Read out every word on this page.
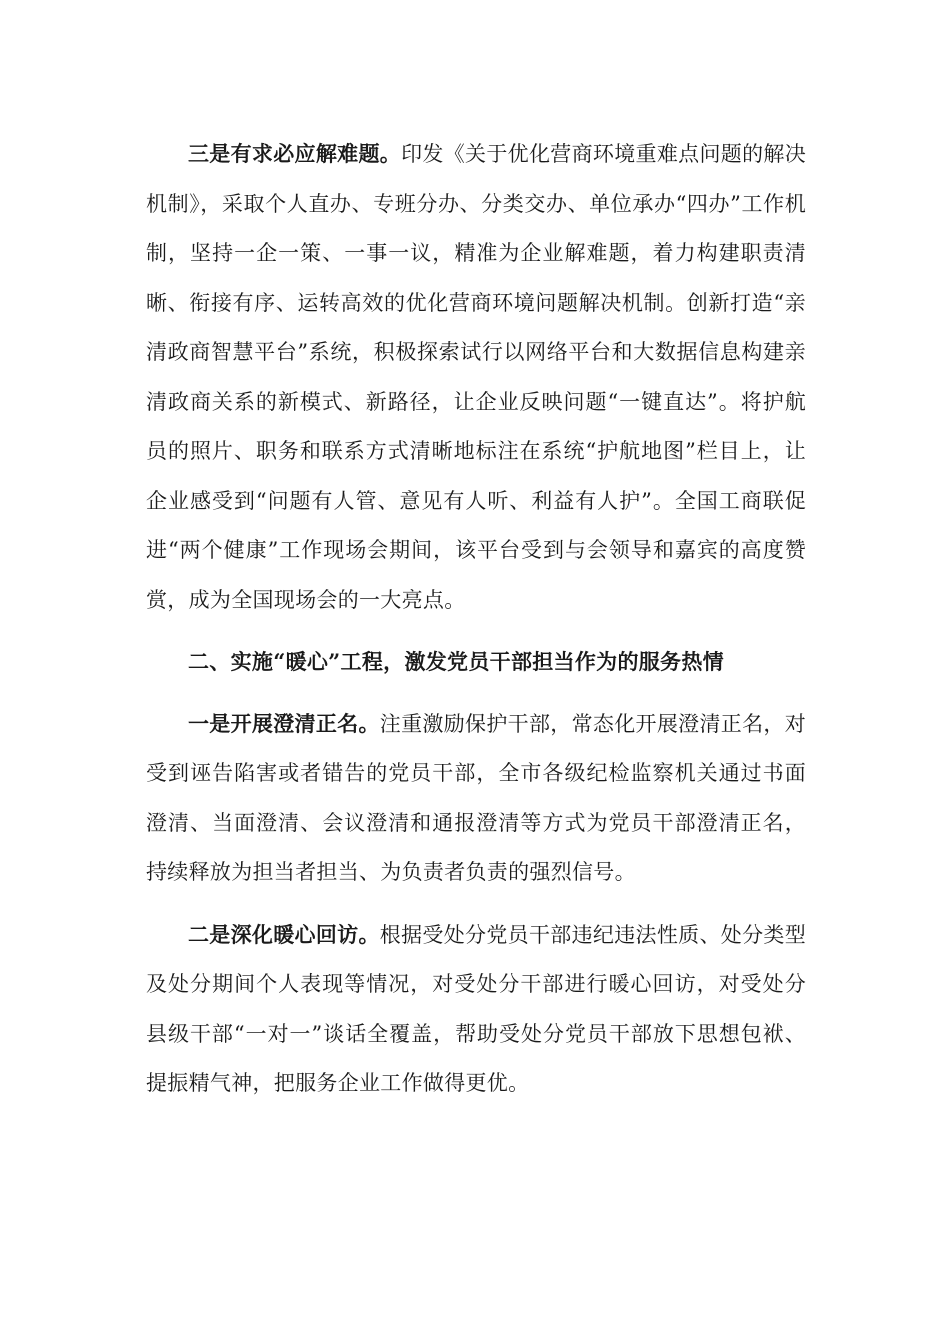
三是有求必应解难题。印发《关于优化营商环境重难点问题的解决机制》，采取个人直办、专班分办、分类交办、单位承办“四办”工作机制，坚持一企一策、一事一议，精准为企业解难题，着力构建职责清晰、衔接有序、运转高效的优化营商环境问题解决机制。创新打造“亲清政商智慧平台”系统，积极探索试行以网络平台和大数据信息构建亲清政商关系的新模式、新路径，让企业反映问题“一键直达”。将护航员的照片、职务和联系方式清晰地标注在系统“护航地图”栏目上，让企业感受到“问题有人管、意见有人听、利益有人护”。全国工商联促进“两个健康”工作现场会期间，该平台受到与会领导和嘉宾的高度赞赏，成为全国现场会的一大亮点。

二、实施“暖心”工程，激发党员干部担当作为的服务热情

一是开展澄清正名。注重激励保护干部，常态化开展澄清正名，对受到诬告陷害或者错告的党员干部，全市各级纪检监察机关通过书面澄清、当面澄清、会议澄清和通报澄清等方式为党员干部澄清正名，持续释放为担当者担当、为负责者负责的强烈信号。

二是深化暖心回访。根据受处分党员干部违纪违法性质、处分类型及处分期间个人表现等情况，对受处分干部进行暖心回访，对受处分县级干部“一对一”谈话全覆盖，帮助受处分党员干部放下思想包袱、提振精气神，把服务企业工作做得更优。
